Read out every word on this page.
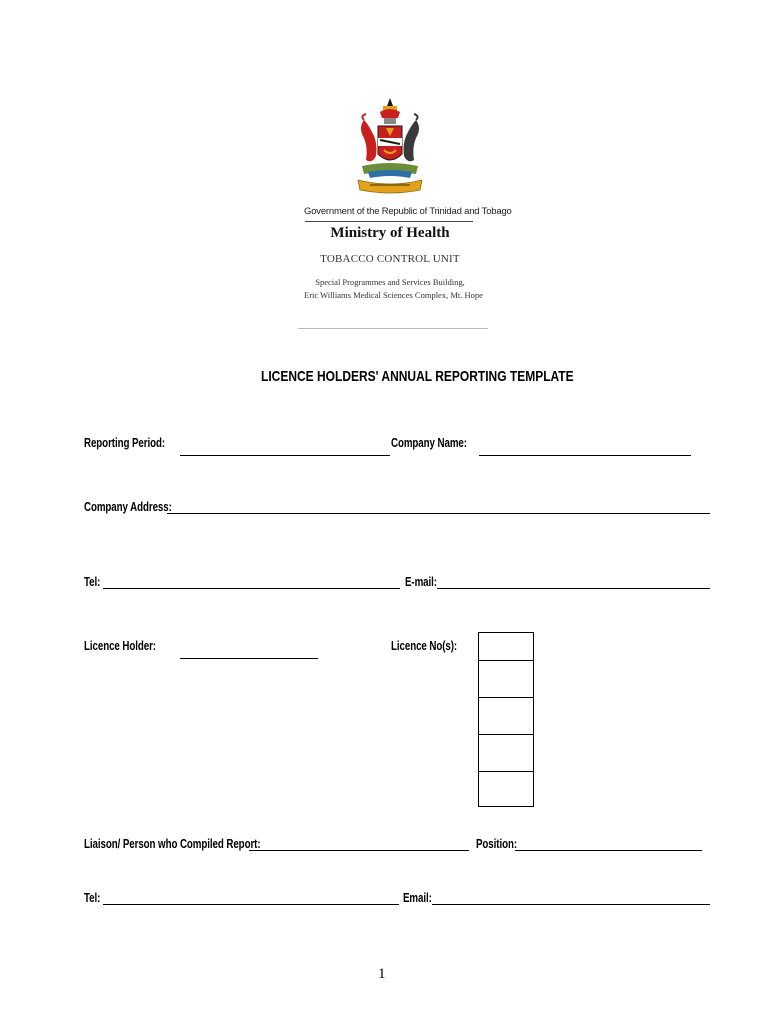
Government of the Republic of Trinidad and Tobago
Ministry of Health
TOBACCO CONTROL UNIT
Special Programmes and Services Building,
Eric Williams Medical Sciences Complex, Mt. Hope
LICENCE HOLDERS' ANNUAL REPORTING TEMPLATE
Reporting Period:	Company Name:
Company Address:
Tel:	E-mail:
Licence Holder:	Licence No(s):
Liaison/ Person who Compiled Report:	Position:
Tel:	Email:
1
